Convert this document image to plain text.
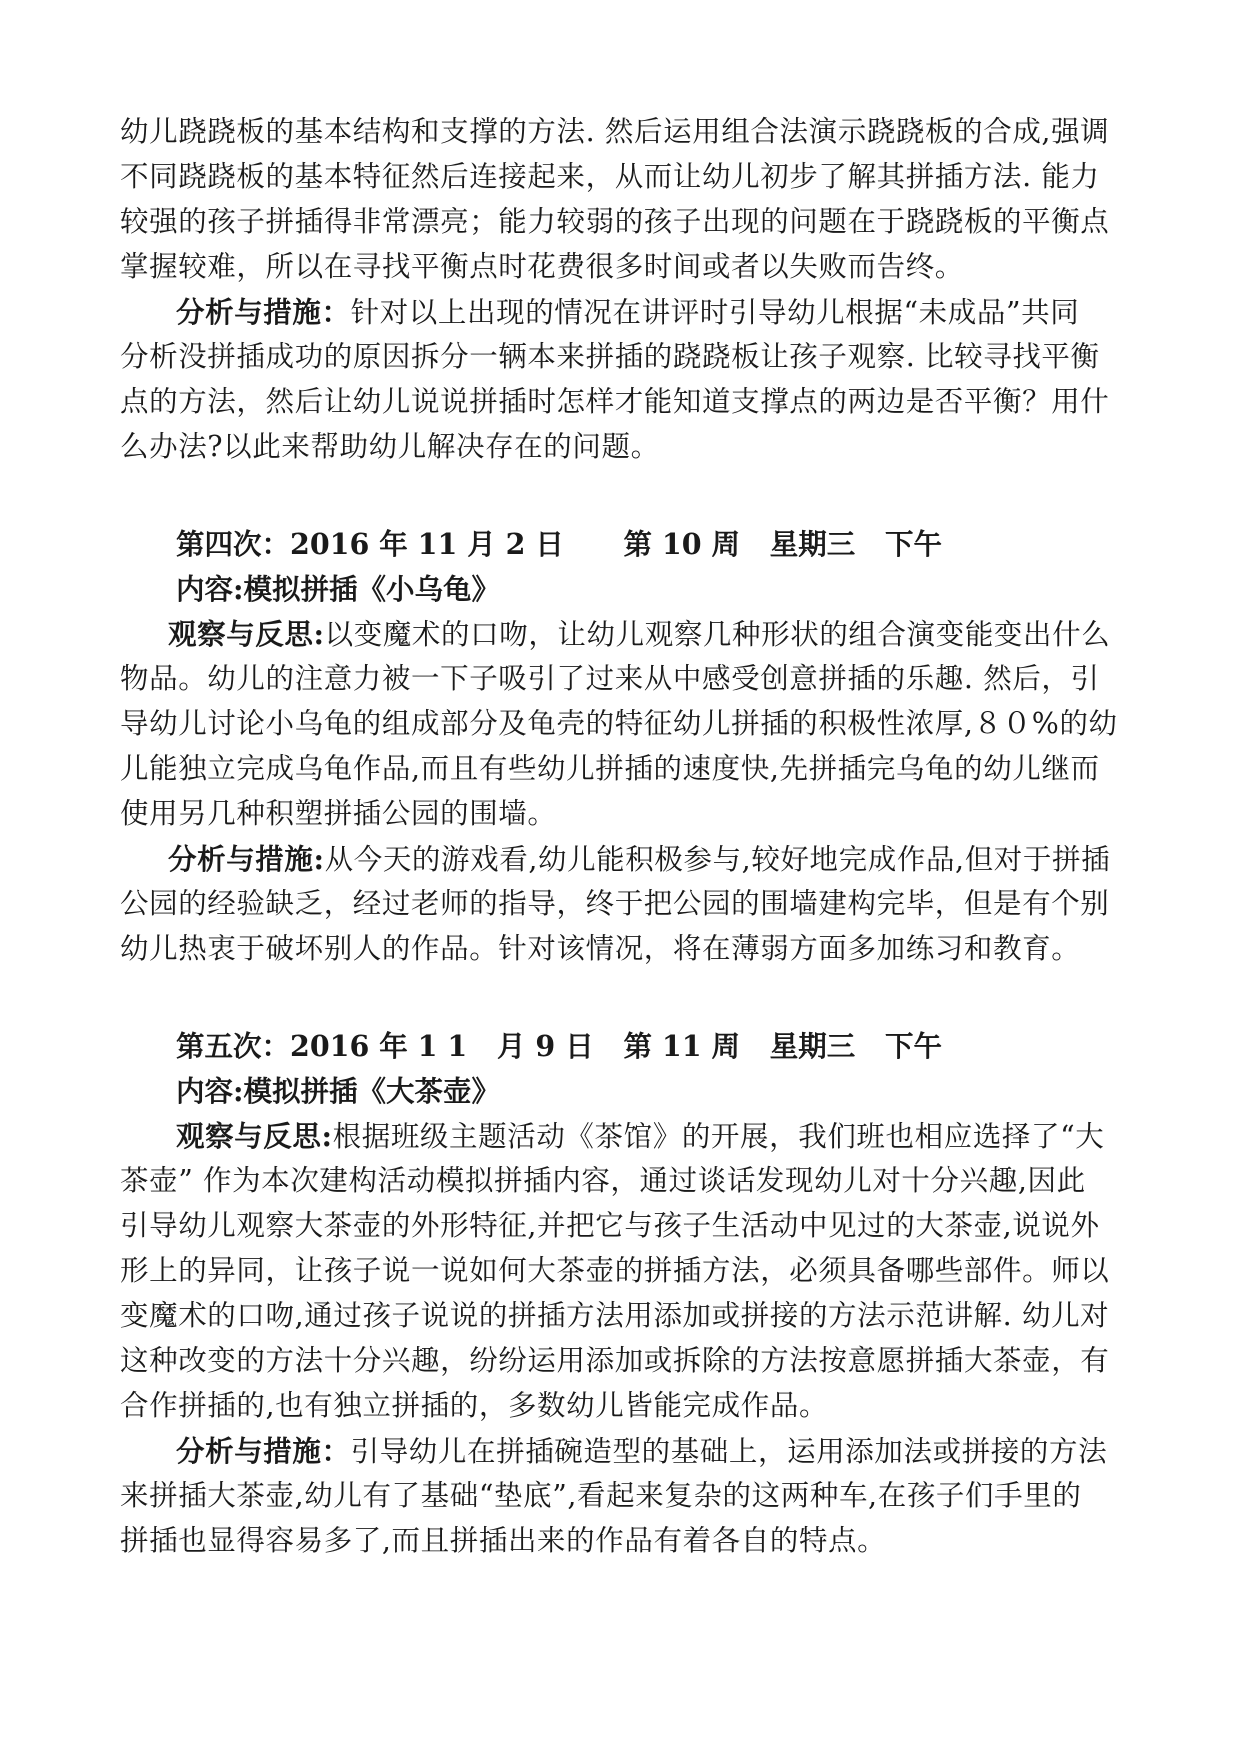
幼儿跷跷板的基本结构和支撑的方法. 然后运用组合法演示跷跷板的合成,强调
不同跷跷板的基本特征然后连接起来，从而让幼儿初步了解其拼插方法. 能力
较强的孩子拼插得非常漂亮；能力较弱的孩子出现的问题在于跷跷板的平衡点
掌握较难，所以在寻找平衡点时花费很多时间或者以失败而告终。
分析与措施：针对以上出现的情况在讲评时引导幼儿根据“未成品”共同
分析没拼插成功的原因拆分一辆本来拼插的跷跷板让孩子观察. 比较寻找平衡
点的方法，然后让幼儿说说拼插时怎样才能知道支撑点的两边是否平衡？用什
么办法?以此来帮助幼儿解决存在的问题。
第四次：2016 年 11 月 2 日      第 10 周   星期三   下午
内容:模拟拼插《小乌龟》
观察与反思:以变魔术的口吻，让幼儿观察几种形状的组合演变能变出什么
物品。幼儿的注意力被一下子吸引了过来从中感受创意拼插的乐趣. 然后，引
导幼儿讨论小乌龟的组成部分及龟壳的特征幼儿拼插的积极性浓厚,８０%的幼
儿能独立完成乌龟作品,而且有些幼儿拼插的速度快,先拼插完乌龟的幼儿继而
使用另几种积塑拼插公园的围墙。
分析与措施:从今天的游戏看,幼儿能积极参与,较好地完成作品,但对于拼插
公园的经验缺乏，经过老师的指导，终于把公园的围墙建构完毕，但是有个别
幼儿热衷于破坏别人的作品。针对该情况，将在薄弱方面多加练习和教育。
第五次：2016 年 1 1   月 9 日   第 11 周   星期三   下午
内容:模拟拼插《大茶壶》
观察与反思:根据班级主题活动《茶馆》的开展，我们班也相应选择了“大
茶壶” 作为本次建构活动模拟拼插内容，通过谈话发现幼儿对十分兴趣,因此
引导幼儿观察大茶壶的外形特征,并把它与孩子生活动中见过的大茶壶,说说外
形上的异同，让孩子说一说如何大茶壶的拼插方法，必须具备哪些部件。师以
变魔术的口吻,通过孩子说说的拼插方法用添加或拼接的方法示范讲解. 幼儿对
这种改变的方法十分兴趣，纷纷运用添加或拆除的方法按意愿拼插大茶壶，有
合作拼插的,也有独立拼插的，多数幼儿皆能完成作品。
分析与措施：引导幼儿在拼插碗造型的基础上，运用添加法或拼接的方法
来拼插大茶壶,幼儿有了基础“垫底”,看起来复杂的这两种车,在孩子们手里的
拼插也显得容易多了,而且拼插出来的作品有着各自的特点。
